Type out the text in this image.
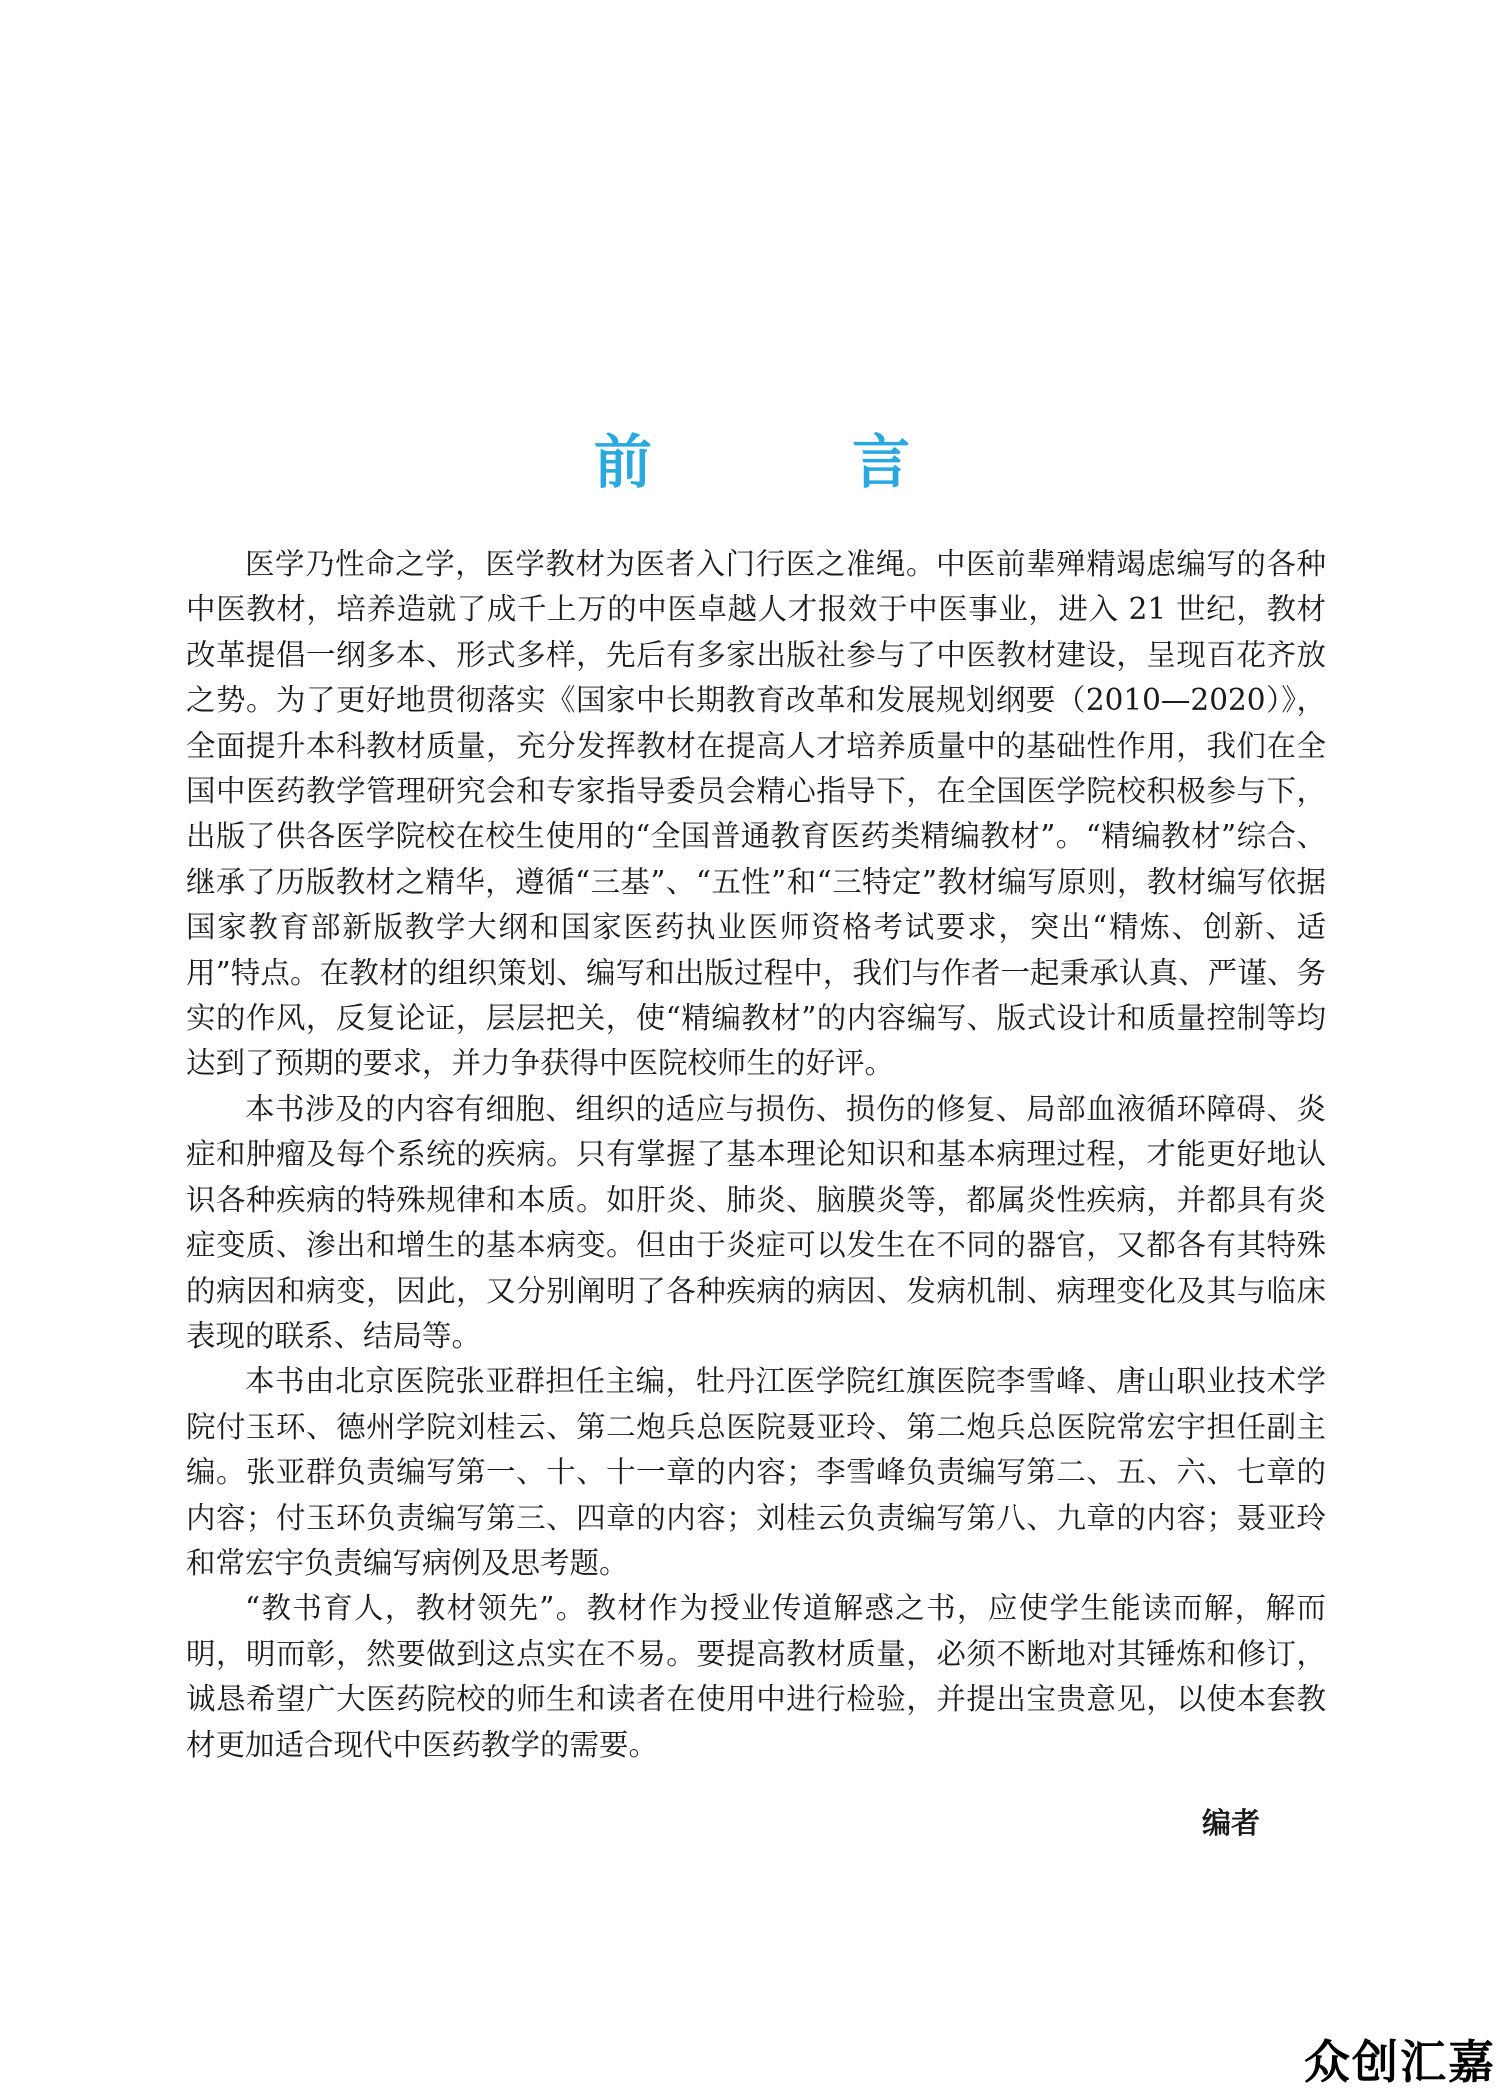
前 言

医学乃性命之学，医学教材为医者入门行医之准绳。中医前辈殚精竭虑编写的各种中医教材，培养造就了成千上万的中医卓越人才报效于中医事业，进入 21 世纪，教材改革提倡一纲多本、形式多样，先后有多家出版社参与了中医教材建设，呈现百花齐放之势。为了更好地贯彻落实《国家中长期教育改革和发展规划纲要（2010—2020）》，全面提升本科教材质量，充分发挥教材在提高人才培养质量中的基础性作用，我们在全国中医药教学管理研究会和专家指导委员会精心指导下，在全国医学院校积极参与下，出版了供各医学院校在校生使用的“全国普通教育医药类精编教材”。“精编教材”综合、继承了历版教材之精华，遵循“三基”、“五性”和“三特定”教材编写原则，教材编写依据国家教育部新版教学大纲和国家医药执业医师资格考试要求，突出“精炼、创新、适用”特点。在教材的组织策划、编写和出版过程中，我们与作者一起秉承认真、严谨、务实的作风，反复论证，层层把关，使“精编教材”的内容编写、版式设计和质量控制等均达到了预期的要求，并力争获得中医院校师生的好评。

本书涉及的内容有细胞、组织的适应与损伤、损伤的修复、局部血液循环障碍、炎症和肿瘤及每个系统的疾病。只有掌握了基本理论知识和基本病理过程，才能更好地认识各种疾病的特殊规律和本质。如肝炎、肺炎、脑膜炎等，都属炎性疾病，并都具有炎症变质、渗出和增生的基本病变。但由于炎症可以发生在不同的器官，又都各有其特殊的病因和病变，因此，又分别阐明了各种疾病的病因、发病机制、病理变化及其与临床表现的联系、结局等。

本书由北京医院张亚群担任主编，牡丹江医学院红旗医院李雪峰、唐山职业技术学院付玉环、德州学院刘桂云、第二炮兵总医院聂亚玲、第二炮兵总医院常宏宇担任副主编。张亚群负责编写第一、十、十一章的内容；李雪峰负责编写第二、五、六、七章的内容；付玉环负责编写第三、四章的内容；刘桂云负责编写第八、九章的内容；聂亚玲和常宏宇负责编写病例及思考题。

“教书育人，教材领先”。教材作为授业传道解惑之书，应使学生能读而解，解而明，明而彰，然要做到这点实在不易。要提高教材质量，必须不断地对其锤炼和修订，诚恳希望广大医药院校的师生和读者在使用中进行检验，并提出宝贵意见，以使本套教材更加适合现代中医药教学的需要。

编者
众创汇嘉
